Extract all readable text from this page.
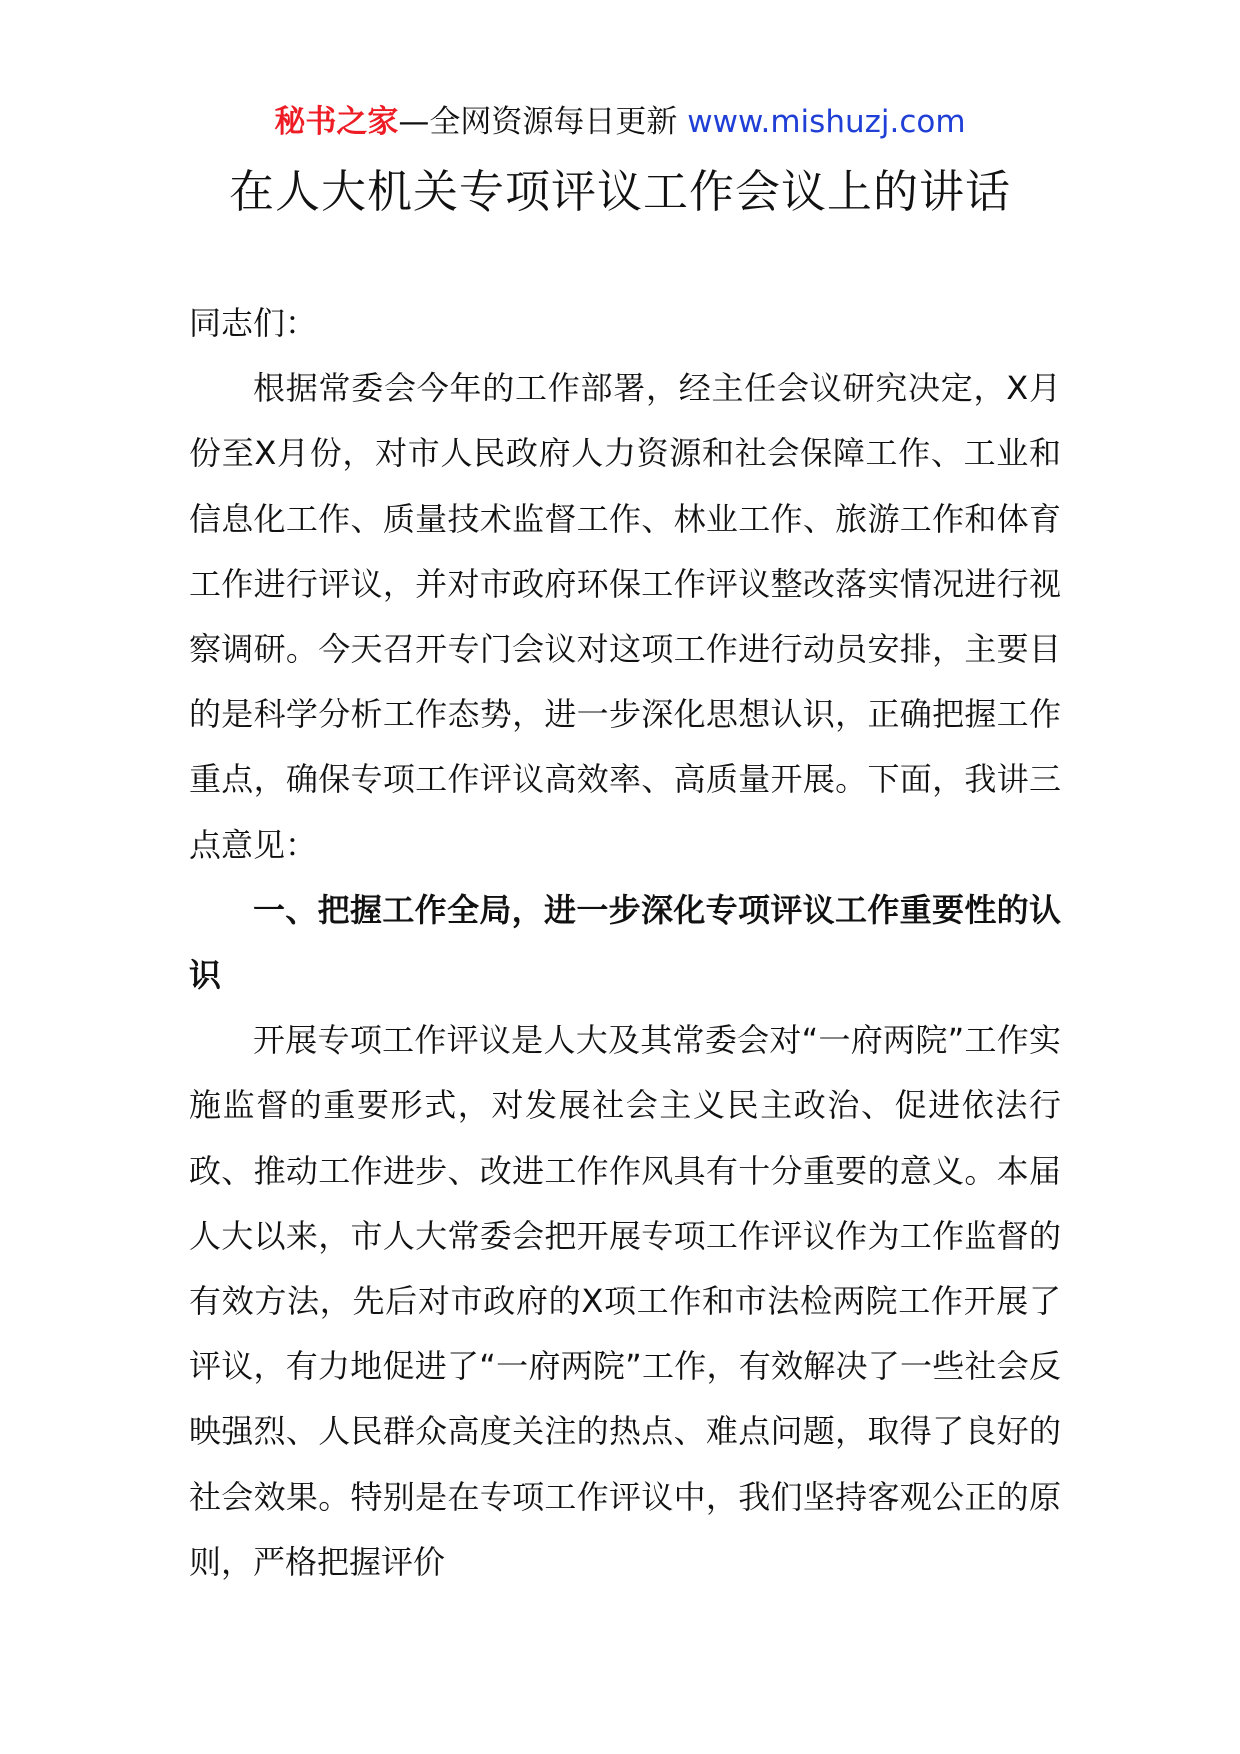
秘书之家—全网资源每日更新 www.mishuzj.com
在人大机关专项评议工作会议上的讲话

同志们：

根据常委会今年的工作部署，经主任会议研究决定，X月份至X月份，对市人民政府人力资源和社会保障工作、工业和信息化工作、质量技术监督工作、林业工作、旅游工作和体育工作进行评议，并对市政府环保工作评议整改落实情况进行视察调研。今天召开专门会议对这项工作进行动员安排，主要目的是科学分析工作态势，进一步深化思想认识，正确把握工作重点，确保专项工作评议高效率、高质量开展。下面，我讲三点意见：

一、把握工作全局，进一步深化专项评议工作重要性的认识

开展专项工作评议是人大及其常委会对“一府两院”工作实施监督的重要形式，对发展社会主义民主政治、促进依法行政、推动工作进步、改进工作作风具有十分重要的意义。本届人大以来，市人大常委会把开展专项工作评议作为工作监督的有效方法，先后对市政府的X项工作和市法检两院工作开展了评议，有力地促进了“一府两院”工作，有效解决了一些社会反映强烈、人民群众高度关注的热点、难点问题，取得了良好的社会效果。特别是在专项工作评议中，我们坚持客观公正的原则，严格把握评价
